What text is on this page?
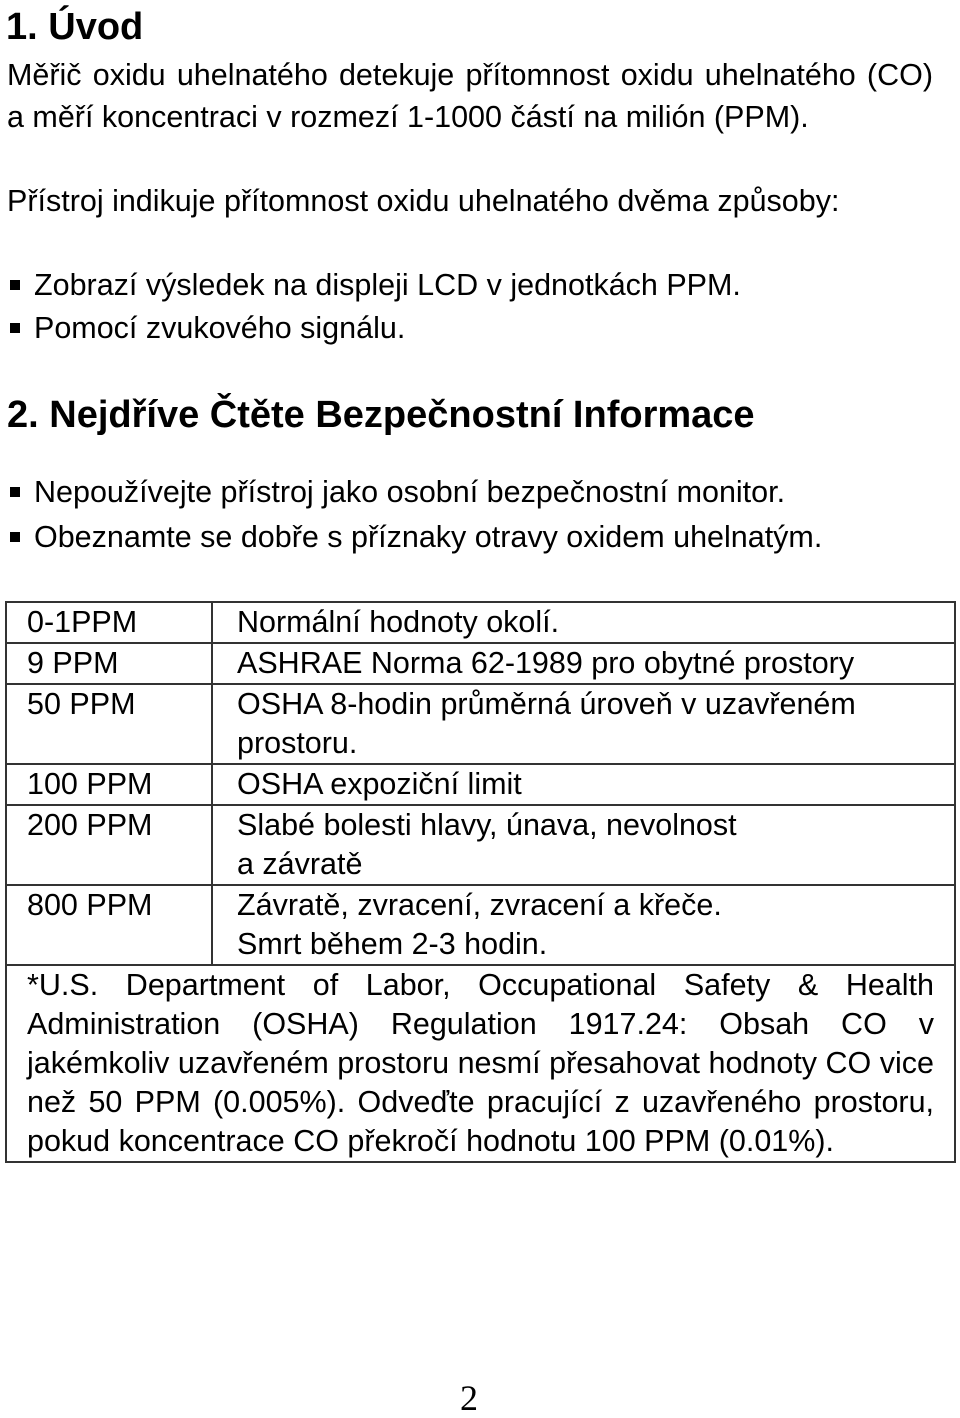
1. Úvod

Měřič oxidu uhelnatého detekuje přítomnost oxidu uhelnatého (CO) a měří koncentraci v rozmezí 1-1000 částí na milión (PPM).

Přístroj indikuje přítomnost oxidu uhelnatého dvěma způsoby:

Zobrazí výsledek na displeji LCD v jednotkách PPM.
Pomocí zvukového signálu.
2. Nejdříve Čtěte Bezpečnostní Informace
Nepoužívejte přístroj jako osobní bezpečnostní monitor.
Obeznamte se dobře s příznaky otravy oxidem uhelnatým.
0-1PPM	Normální hodnoty okolí.

9 PPM	ASHRAE Norma 62-1989 pro obytné prostory

50 PPM	OSHA 8-hodin průměrná úroveň v uzavřeném
prostoru.

100 PPM	OSHA expoziční limit

200 PPM	Slabé bolesti hlavy, únava, nevolnost
a závratě

800 PPM	Závratě, zvracení, zvracení a křeče.
Smrt během 2-3 hodin.

*U.S. Department of Labor, Occupational Safety & Health Administration (OSHA) Regulation 1917.24: Obsah CO v jakémkoliv uzavřeném prostoru nesmí přesahovat hodnoty CO vice než 50 PPM (0.005%). Odveďte pracující z uzavřeného prostoru, pokud koncentrace CO překročí hodnotu 100 PPM (0.01%).	
2
